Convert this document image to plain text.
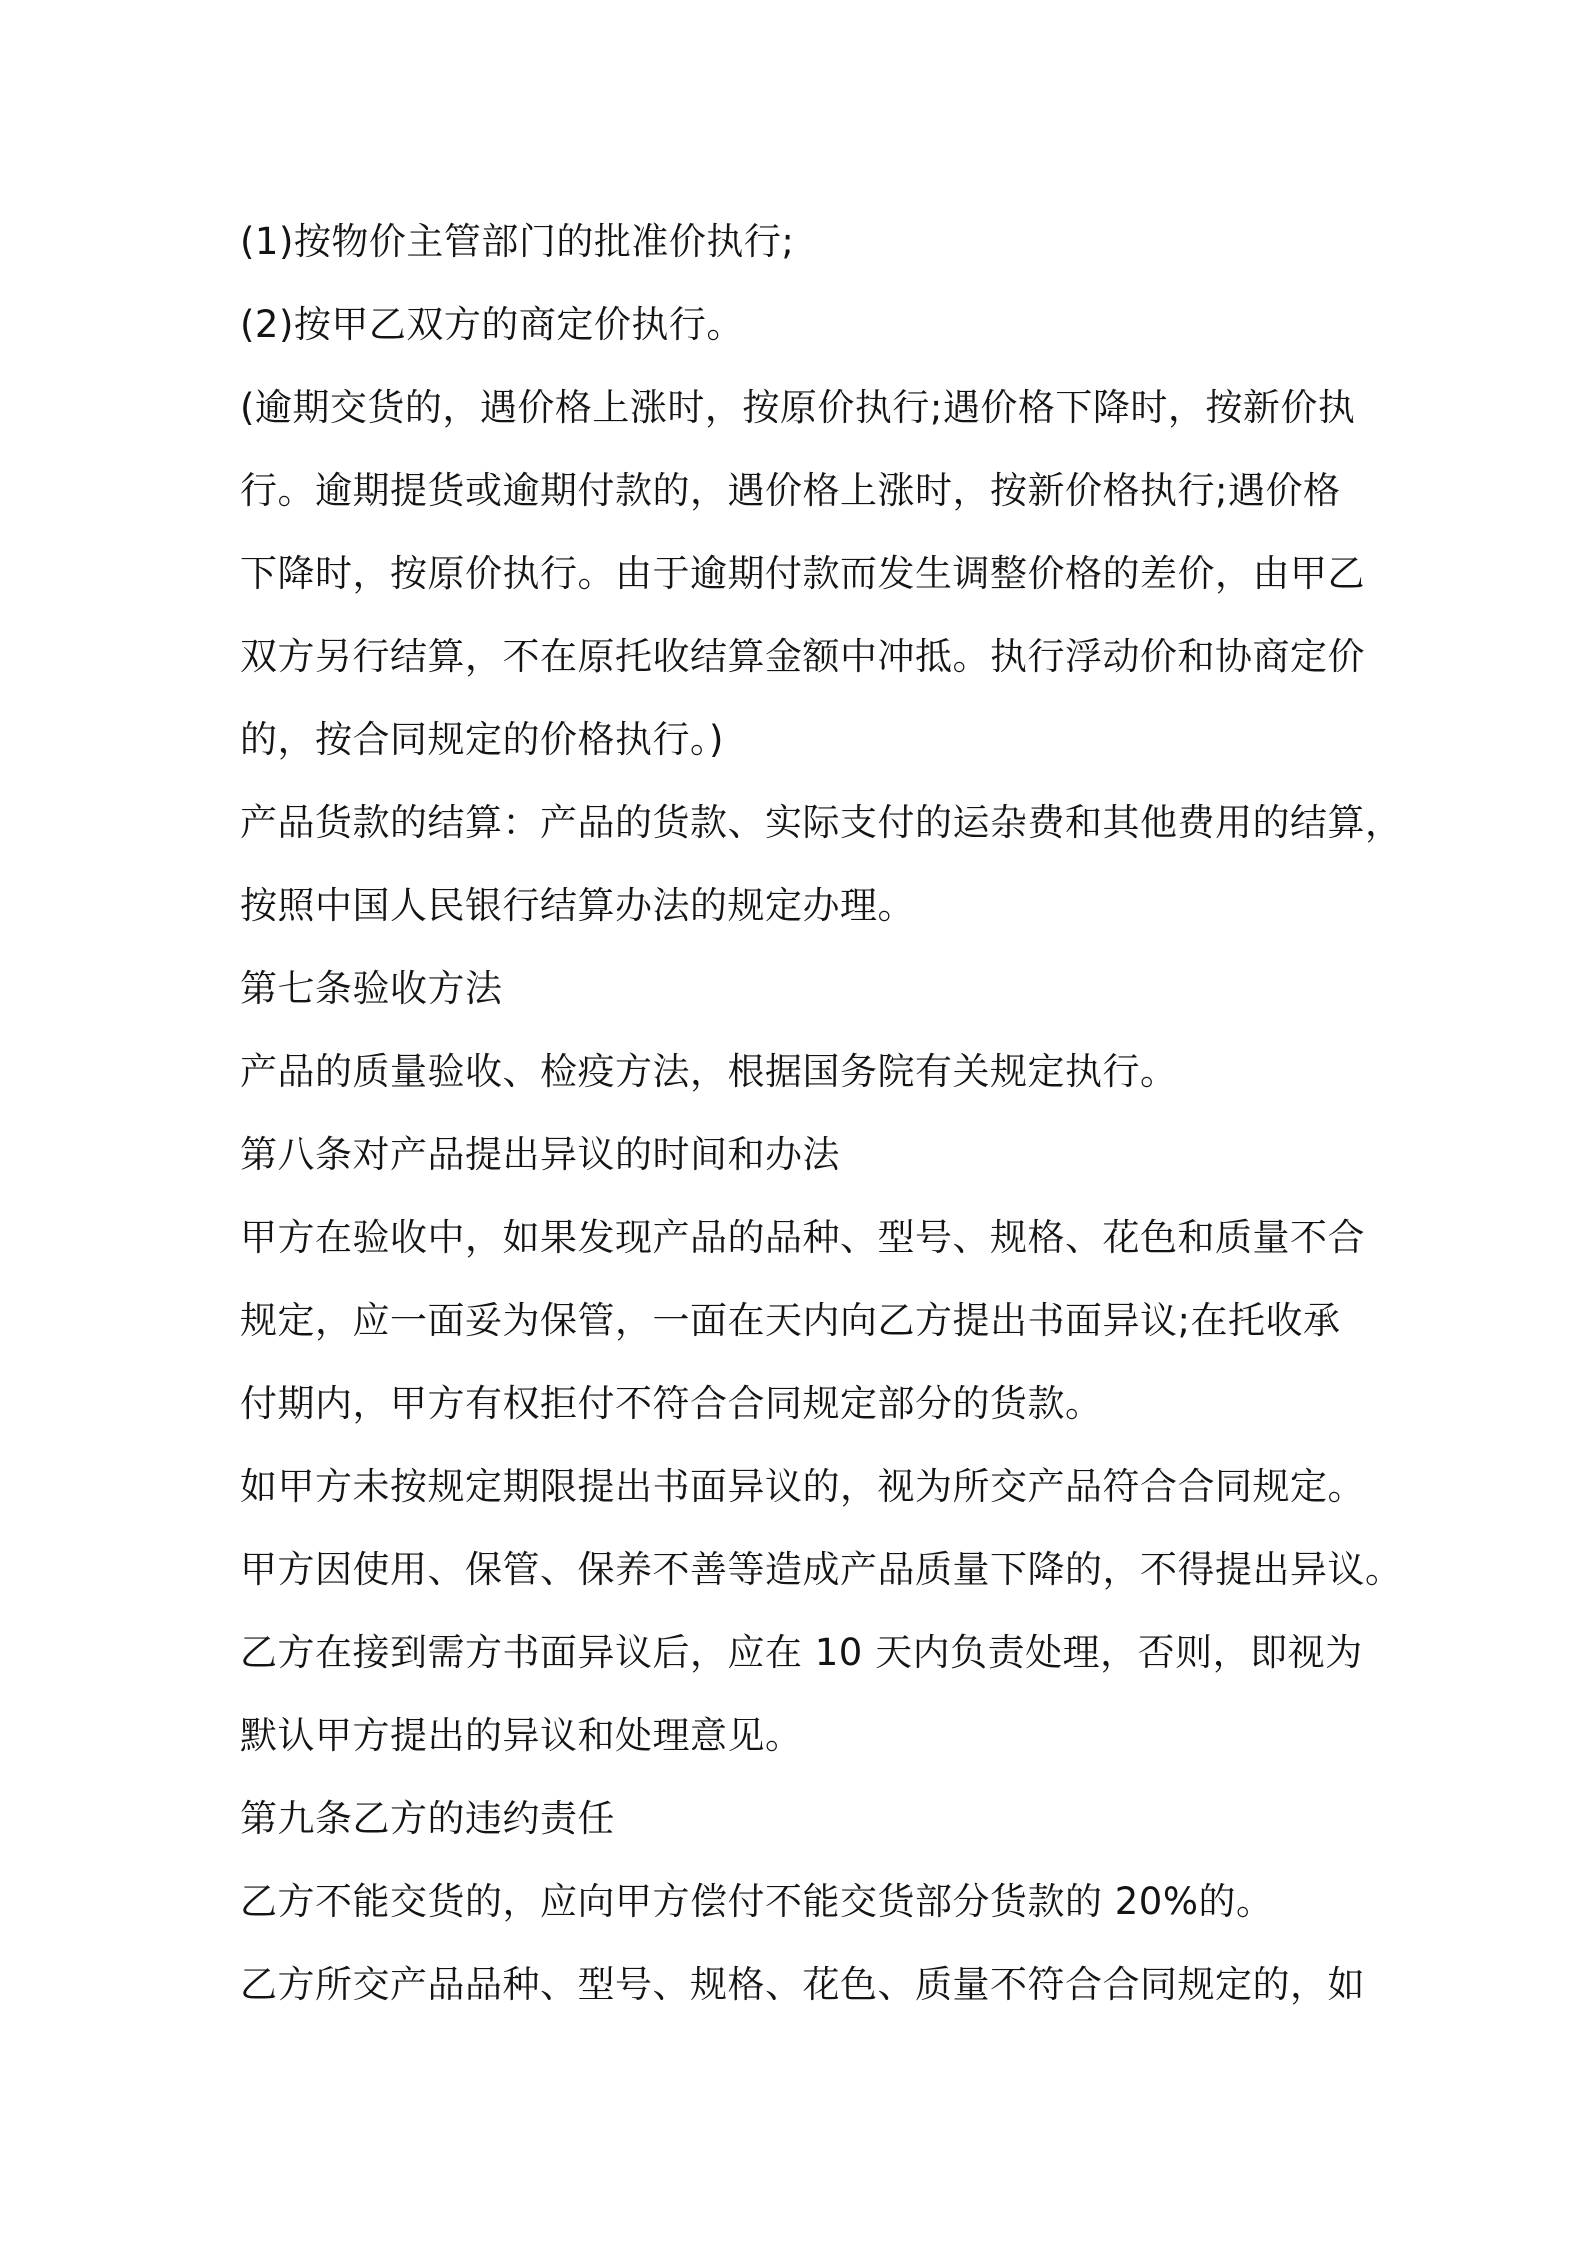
(1)按物价主管部门的批准价执行;

(2)按甲乙双方的商定价执行。

(逾期交货的，遇价格上涨时，按原价执行;遇价格下降时，按新价执
行。逾期提货或逾期付款的，遇价格上涨时，按新价格执行;遇价格
下降时，按原价执行。由于逾期付款而发生调整价格的差价，由甲乙
双方另行结算，不在原托收结算金额中冲抵。执行浮动价和协商定价
的，按合同规定的价格执行。)

产品货款的结算：产品的货款、实际支付的运杂费和其他费用的结算，
按照中国人民银行结算办法的规定办理。

第七条验收方法

产品的质量验收、检疫方法，根据国务院有关规定执行。

第八条对产品提出异议的时间和办法

甲方在验收中，如果发现产品的品种、型号、规格、花色和质量不合
规定，应一面妥为保管，一面在天内向乙方提出书面异议;在托收承
付期内，甲方有权拒付不符合合同规定部分的货款。

如甲方未按规定期限提出书面异议的，视为所交产品符合合同规定。

甲方因使用、保管、保养不善等造成产品质量下降的，不得提出异议。

乙方在接到需方书面异议后，应在 10 天内负责处理，否则，即视为
默认甲方提出的异议和处理意见。

第九条乙方的违约责任

乙方不能交货的，应向甲方偿付不能交货部分货款的 20%的。

乙方所交产品品种、型号、规格、花色、质量不符合合同规定的，如
